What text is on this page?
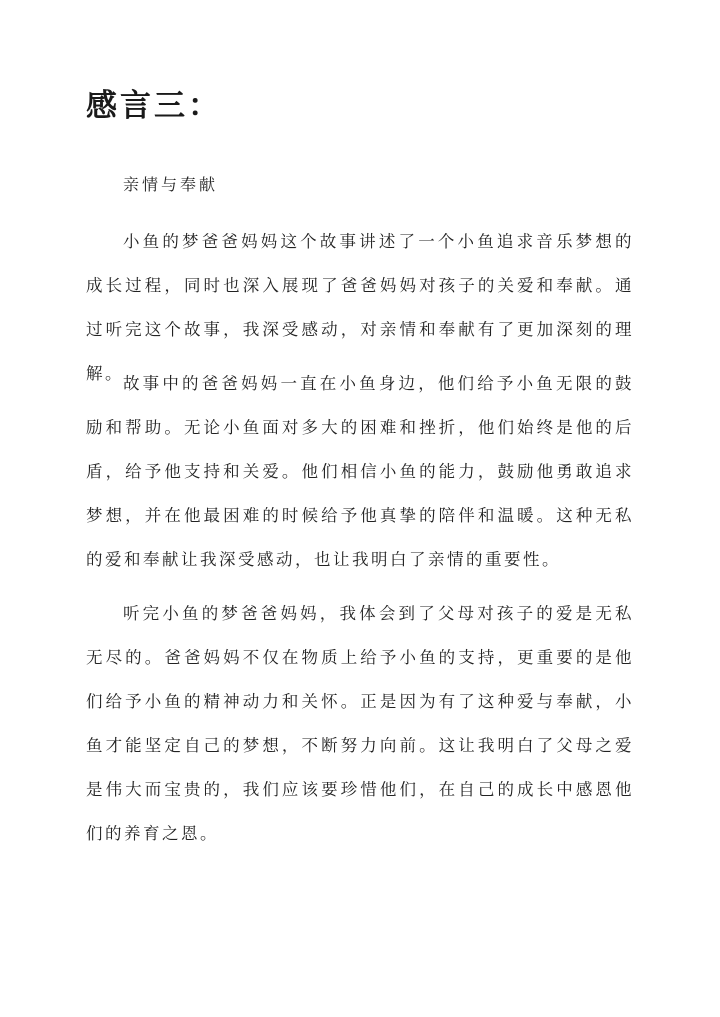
感言三：

亲情与奉献

小鱼的梦爸爸妈妈这个故事讲述了一个小鱼追求音乐梦想的成长过程，同时也深入展现了爸爸妈妈对孩子的关爱和奉献。通过听完这个故事，我深受感动，对亲情和奉献有了更加深刻的理解。

故事中的爸爸妈妈一直在小鱼身边，他们给予小鱼无限的鼓励和帮助。无论小鱼面对多大的困难和挫折，他们始终是他的后盾，给予他支持和关爱。他们相信小鱼的能力，鼓励他勇敢追求梦想，并在他最困难的时候给予他真挚的陪伴和温暖。这种无私的爱和奉献让我深受感动，也让我明白了亲情的重要性。

听完小鱼的梦爸爸妈妈，我体会到了父母对孩子的爱是无私无尽的。爸爸妈妈不仅在物质上给予小鱼的支持，更重要的是他们给予小鱼的精神动力和关怀。正是因为有了这种爱与奉献，小鱼才能坚定自己的梦想，不断努力向前。这让我明白了父母之爱是伟大而宝贵的，我们应该要珍惜他们，在自己的成长中感恩他们的养育之恩。
